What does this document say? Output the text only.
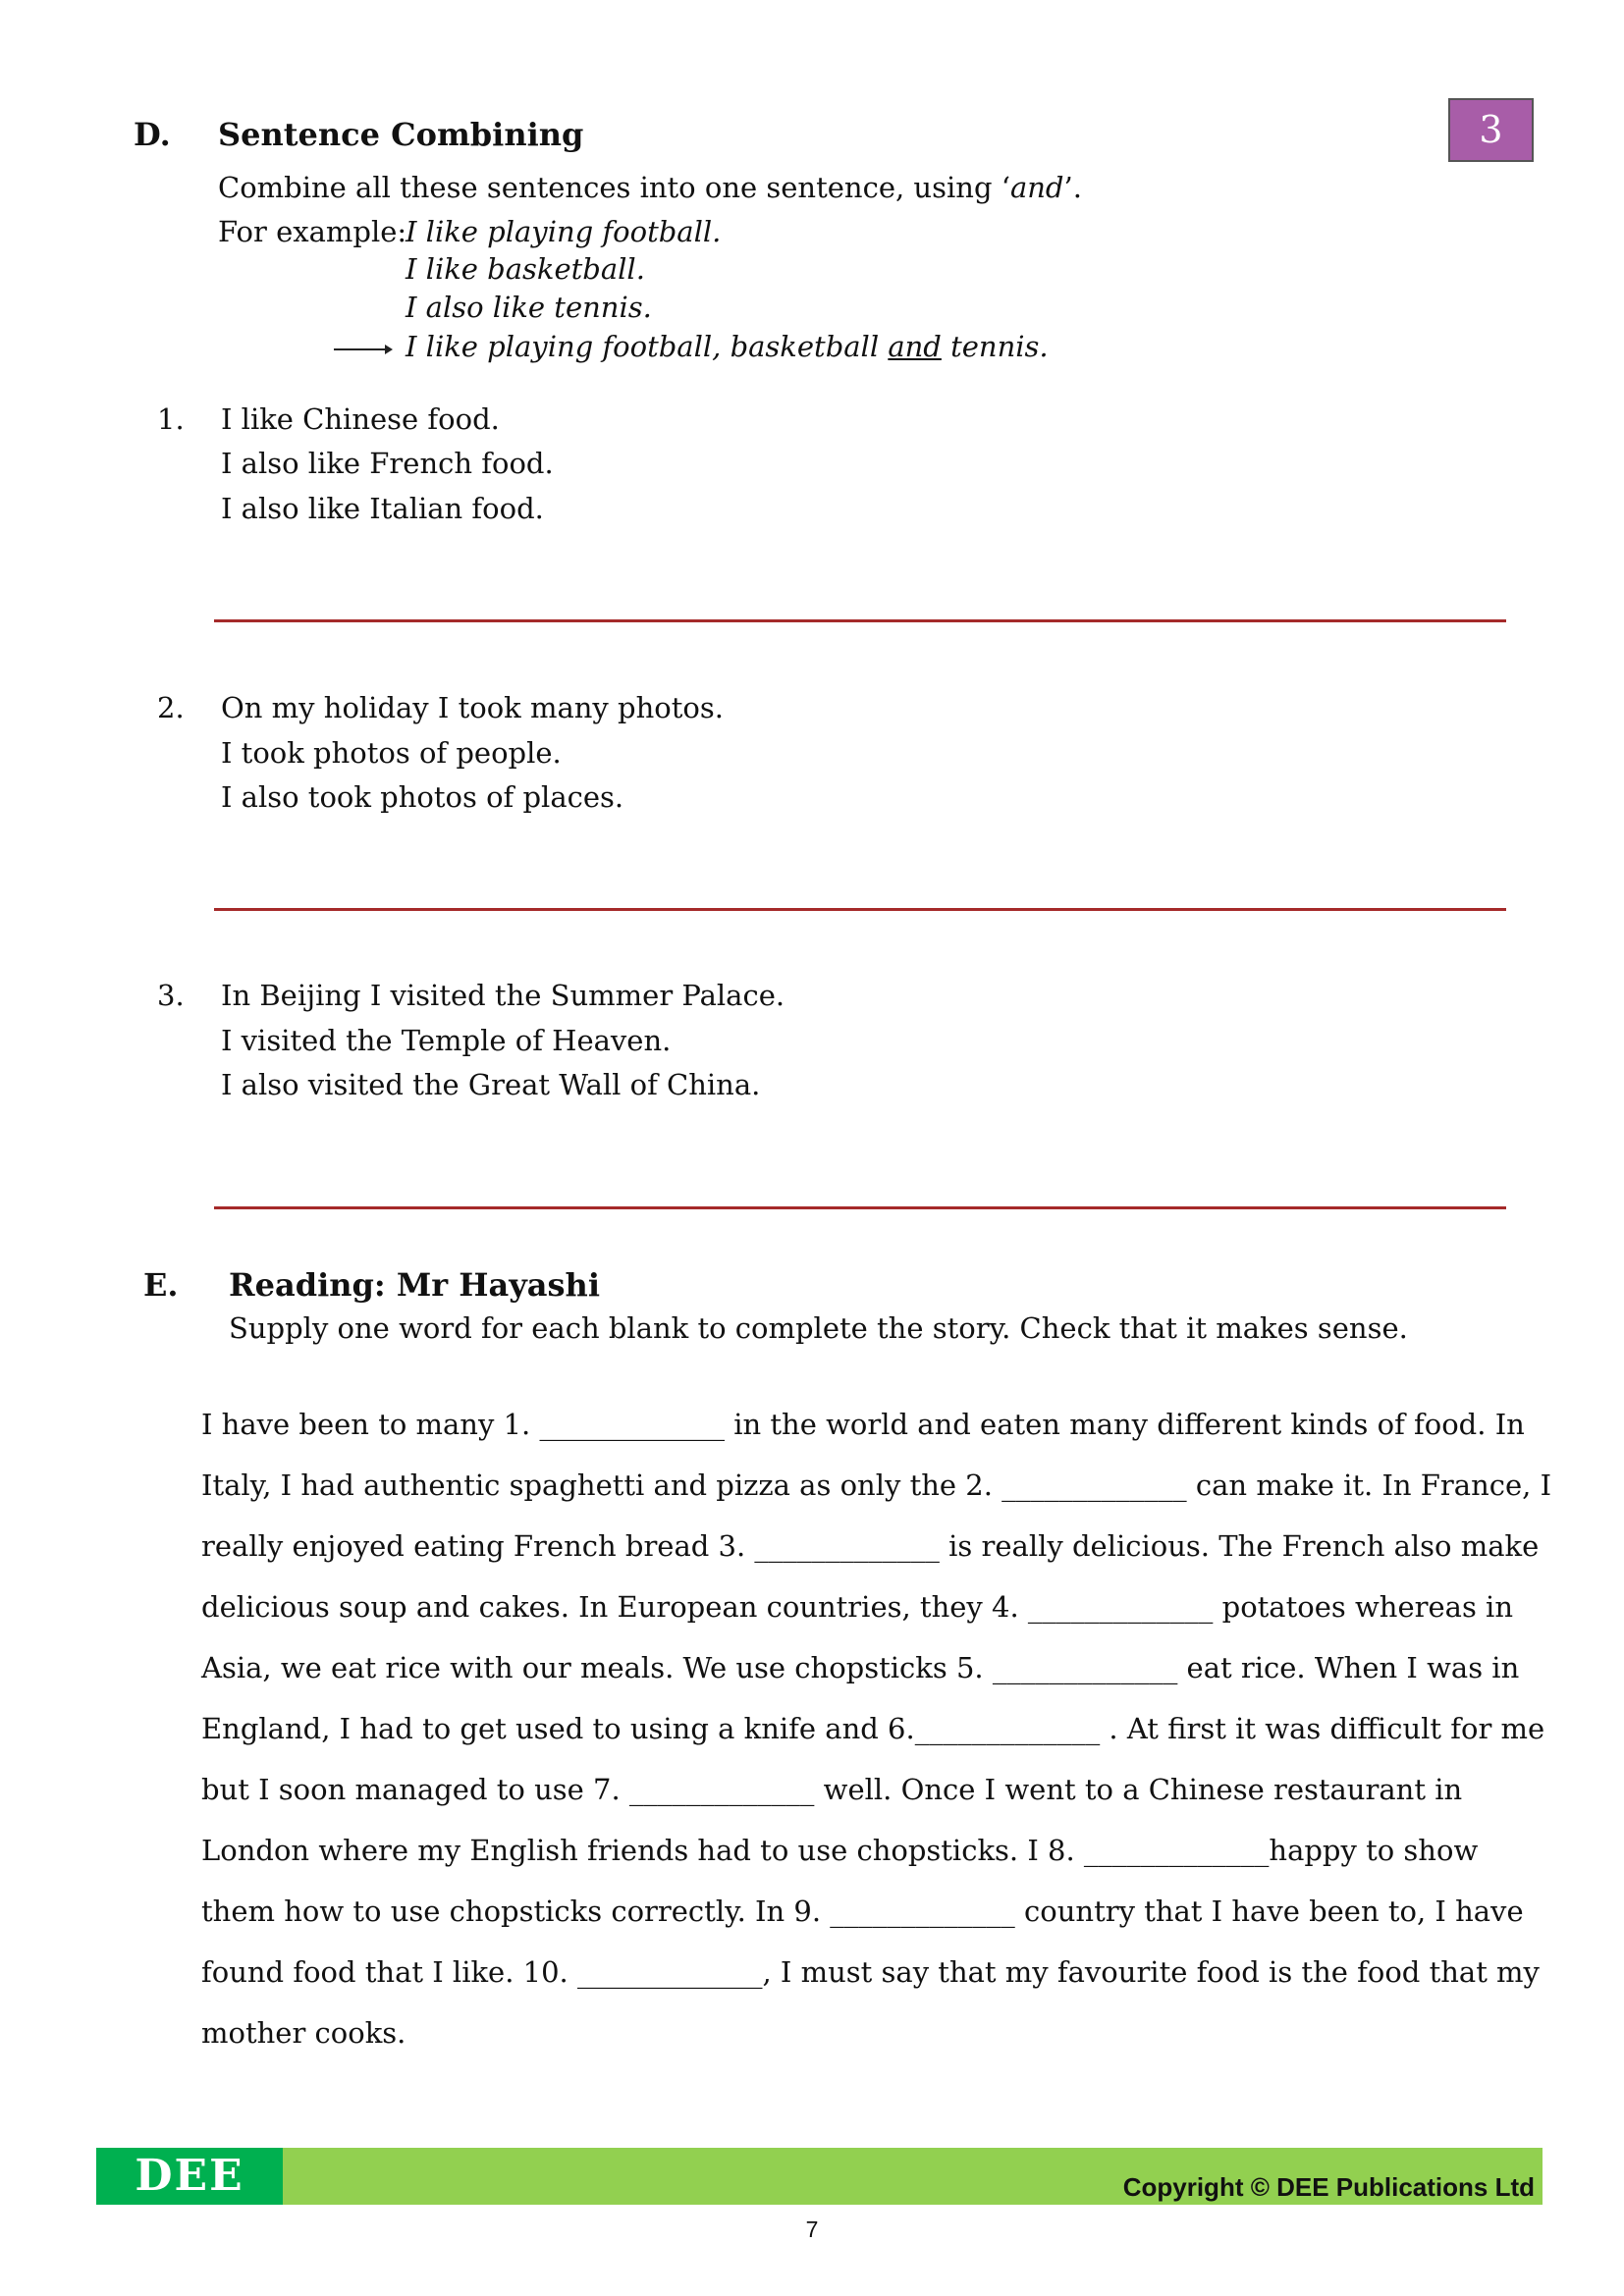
3
D. Sentence Combining
Combine all these sentences into one sentence, using ‘and’.
For example:
I like playing football.
I like basketball.
I also like tennis.
I like playing football, basketball and tennis.
1. I like Chinese food.
I also like French food.
I also like Italian food.
2. On my holiday I took many photos.
I took photos of people.
I also took photos of places.
3. In Beijing I visited the Summer Palace.
I visited the Temple of Heaven.
I also visited the Great Wall of China.
E. Reading: Mr Hayashi
Supply one word for each blank to complete the story. Check that it makes sense.
I have been to many 1. _____________ in the world and eaten many different kinds of food. In
Italy, I had authentic spaghetti and pizza as only the 2. _____________ can make it. In France, I
really enjoyed eating French bread 3. _____________ is really delicious. The French also make
delicious soup and cakes. In European countries, they 4. _____________ potatoes whereas in
Asia, we eat rice with our meals. We use chopsticks 5. _____________ eat rice. When I was in
England, I had to get used to using a knife and 6._____________ . At first it was difficult for me
but I soon managed to use 7. _____________ well. Once I went to a Chinese restaurant in
London where my English friends had to use chopsticks. I 8. _____________happy to show
them how to use chopsticks correctly. In 9. _____________ country that I have been to, I have
found food that I like. 10. _____________, I must say that my favourite food is the food that my
mother cooks.
DEE	Copyright © DEE Publications Ltd
7
